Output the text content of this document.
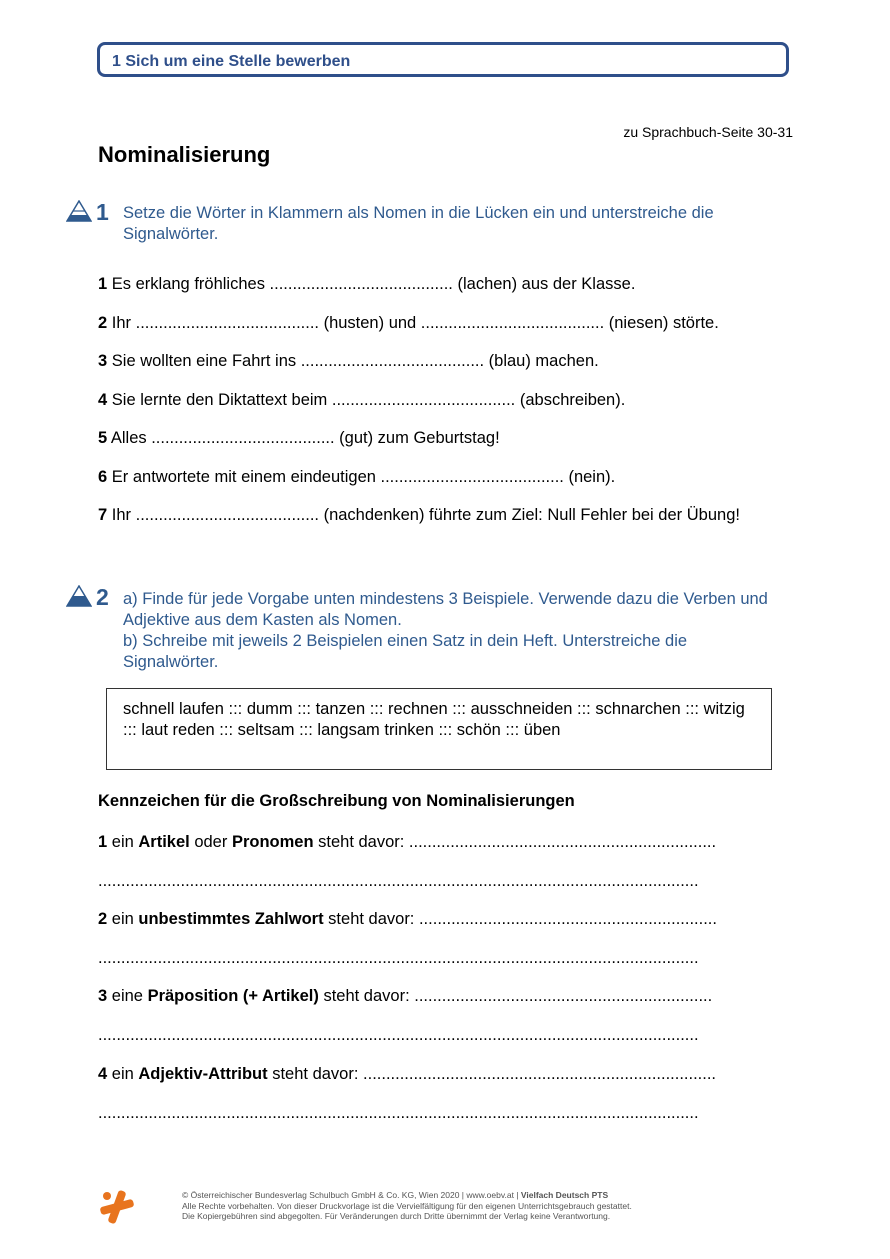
1 Sich um eine Stelle bewerben
zu Sprachbuch-Seite 30-31
Nominalisierung
1 Setze die Wörter in Klammern als Nomen in die Lücken ein und unterstreiche die Signalwörter.
1 Es erklang fröhliches ........................................ (lachen) aus der Klasse.
2 Ihr ........................................ (husten) und ........................................ (niesen) störte.
3 Sie wollten eine Fahrt ins ........................................ (blau) machen.
4 Sie lernte den Diktattext beim ........................................ (abschreiben).
5 Alles ........................................ (gut) zum Geburtstag!
6 Er antwortete mit einem eindeutigen ........................................ (nein).
7 Ihr ........................................ (nachdenken) führte zum Ziel: Null Fehler bei der Übung!
2 a) Finde für jede Vorgabe unten mindestens 3 Beispiele. Verwende dazu die Verben und Adjektive aus dem Kasten als Nomen.
b) Schreibe mit jeweils 2 Beispielen einen Satz in dein Heft. Unterstreiche die Signalwörter.
schnell laufen ::: dumm ::: tanzen ::: rechnen ::: ausschneiden ::: schnarchen ::: witzig ::: laut reden ::: seltsam ::: langsam trinken ::: schön ::: üben
Kennzeichen für die Großschreibung von Nominalisierungen
1 ein Artikel oder Pronomen steht davor: ...................................................................
...................................................................................................................................
2 ein unbestimmtes Zahlwort steht davor: .................................................................
...................................................................................................................................
3 eine Präposition (+ Artikel) steht davor: .................................................................
...................................................................................................................................
4 ein Adjektiv-Attribut steht davor: .............................................................................
...................................................................................................................................
© Österreichischer Bundesverlag Schulbuch GmbH & Co. KG, Wien 2020 | www.oebv.at | Vielfach Deutsch PTS
Alle Rechte vorbehalten. Von dieser Druckvorlage ist die Vervielfältigung für den eigenen Unterrichtsgebrauch gestattet.
Die Kopiergebühren sind abgegolten. Für Veränderungen durch Dritte übernimmt der Verlag keine Verantwortung.
